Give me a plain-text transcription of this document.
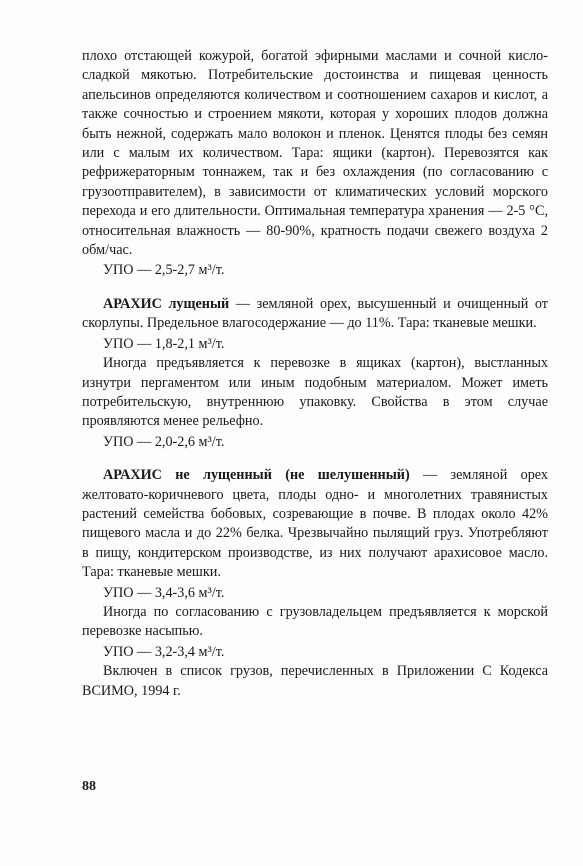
плохо отстающей кожурой, богатой эфирными маслами и сочной кисло-сладкой мякотью. Потребительские достоинства и пищевая ценность апельсинов определяются количеством и соотношением сахаров и кислот, а также сочностью и строением мякоти, которая у хороших плодов должна быть нежной, содержать мало волокон и пленок. Ценятся плоды без семян или с малым их количеством. Тара: ящики (картон). Перевозятся как рефрижераторным тоннажем, так и без охлаждения (по согласованию с грузоотправителем), в зависимости от климатических условий морского перехода и его длительности. Оптимальная температура хранения — 2-5 °С, относительная влажность — 80-90%, кратность подачи свежего воздуха 2 обм/час.

УПО — 2,5-2,7 м³/т.

АРАХИС лущеный — земляной орех, высушенный и очищенный от скорлупы. Предельное влагосодержание — до 11%. Тара: тканевые мешки.

УПО — 1,8-2,1 м³/т.

Иногда предъявляется к перевозке в ящиках (картон), выстланных изнутри пергаментом или иным подобным материалом. Может иметь потребительскую, внутреннюю упаковку. Свойства в этом случае проявляются менее рельефно.

УПО — 2,0-2,6 м³/т.

АРАХИС не лущенный (не шелушенный) — земляной орех желтовато-коричневого цвета, плоды одно- и многолетних травянистых растений семейства бобовых, созревающие в почве. В плодах около 42% пищевого масла и до 22% белка. Чрезвычайно пылящий груз. Употребляют в пищу, кондитерском производстве, из них получают арахисовое масло. Тара: тканевые мешки.

УПО — 3,4-3,6 м³/т.

Иногда по согласованию с грузовладельцем предъявляется к морской перевозке насыпью.

УПО — 3,2-3,4 м³/т.

Включен в список грузов, перечисленных в Приложении С Кодекса ВСИМО, 1994 г.

88
